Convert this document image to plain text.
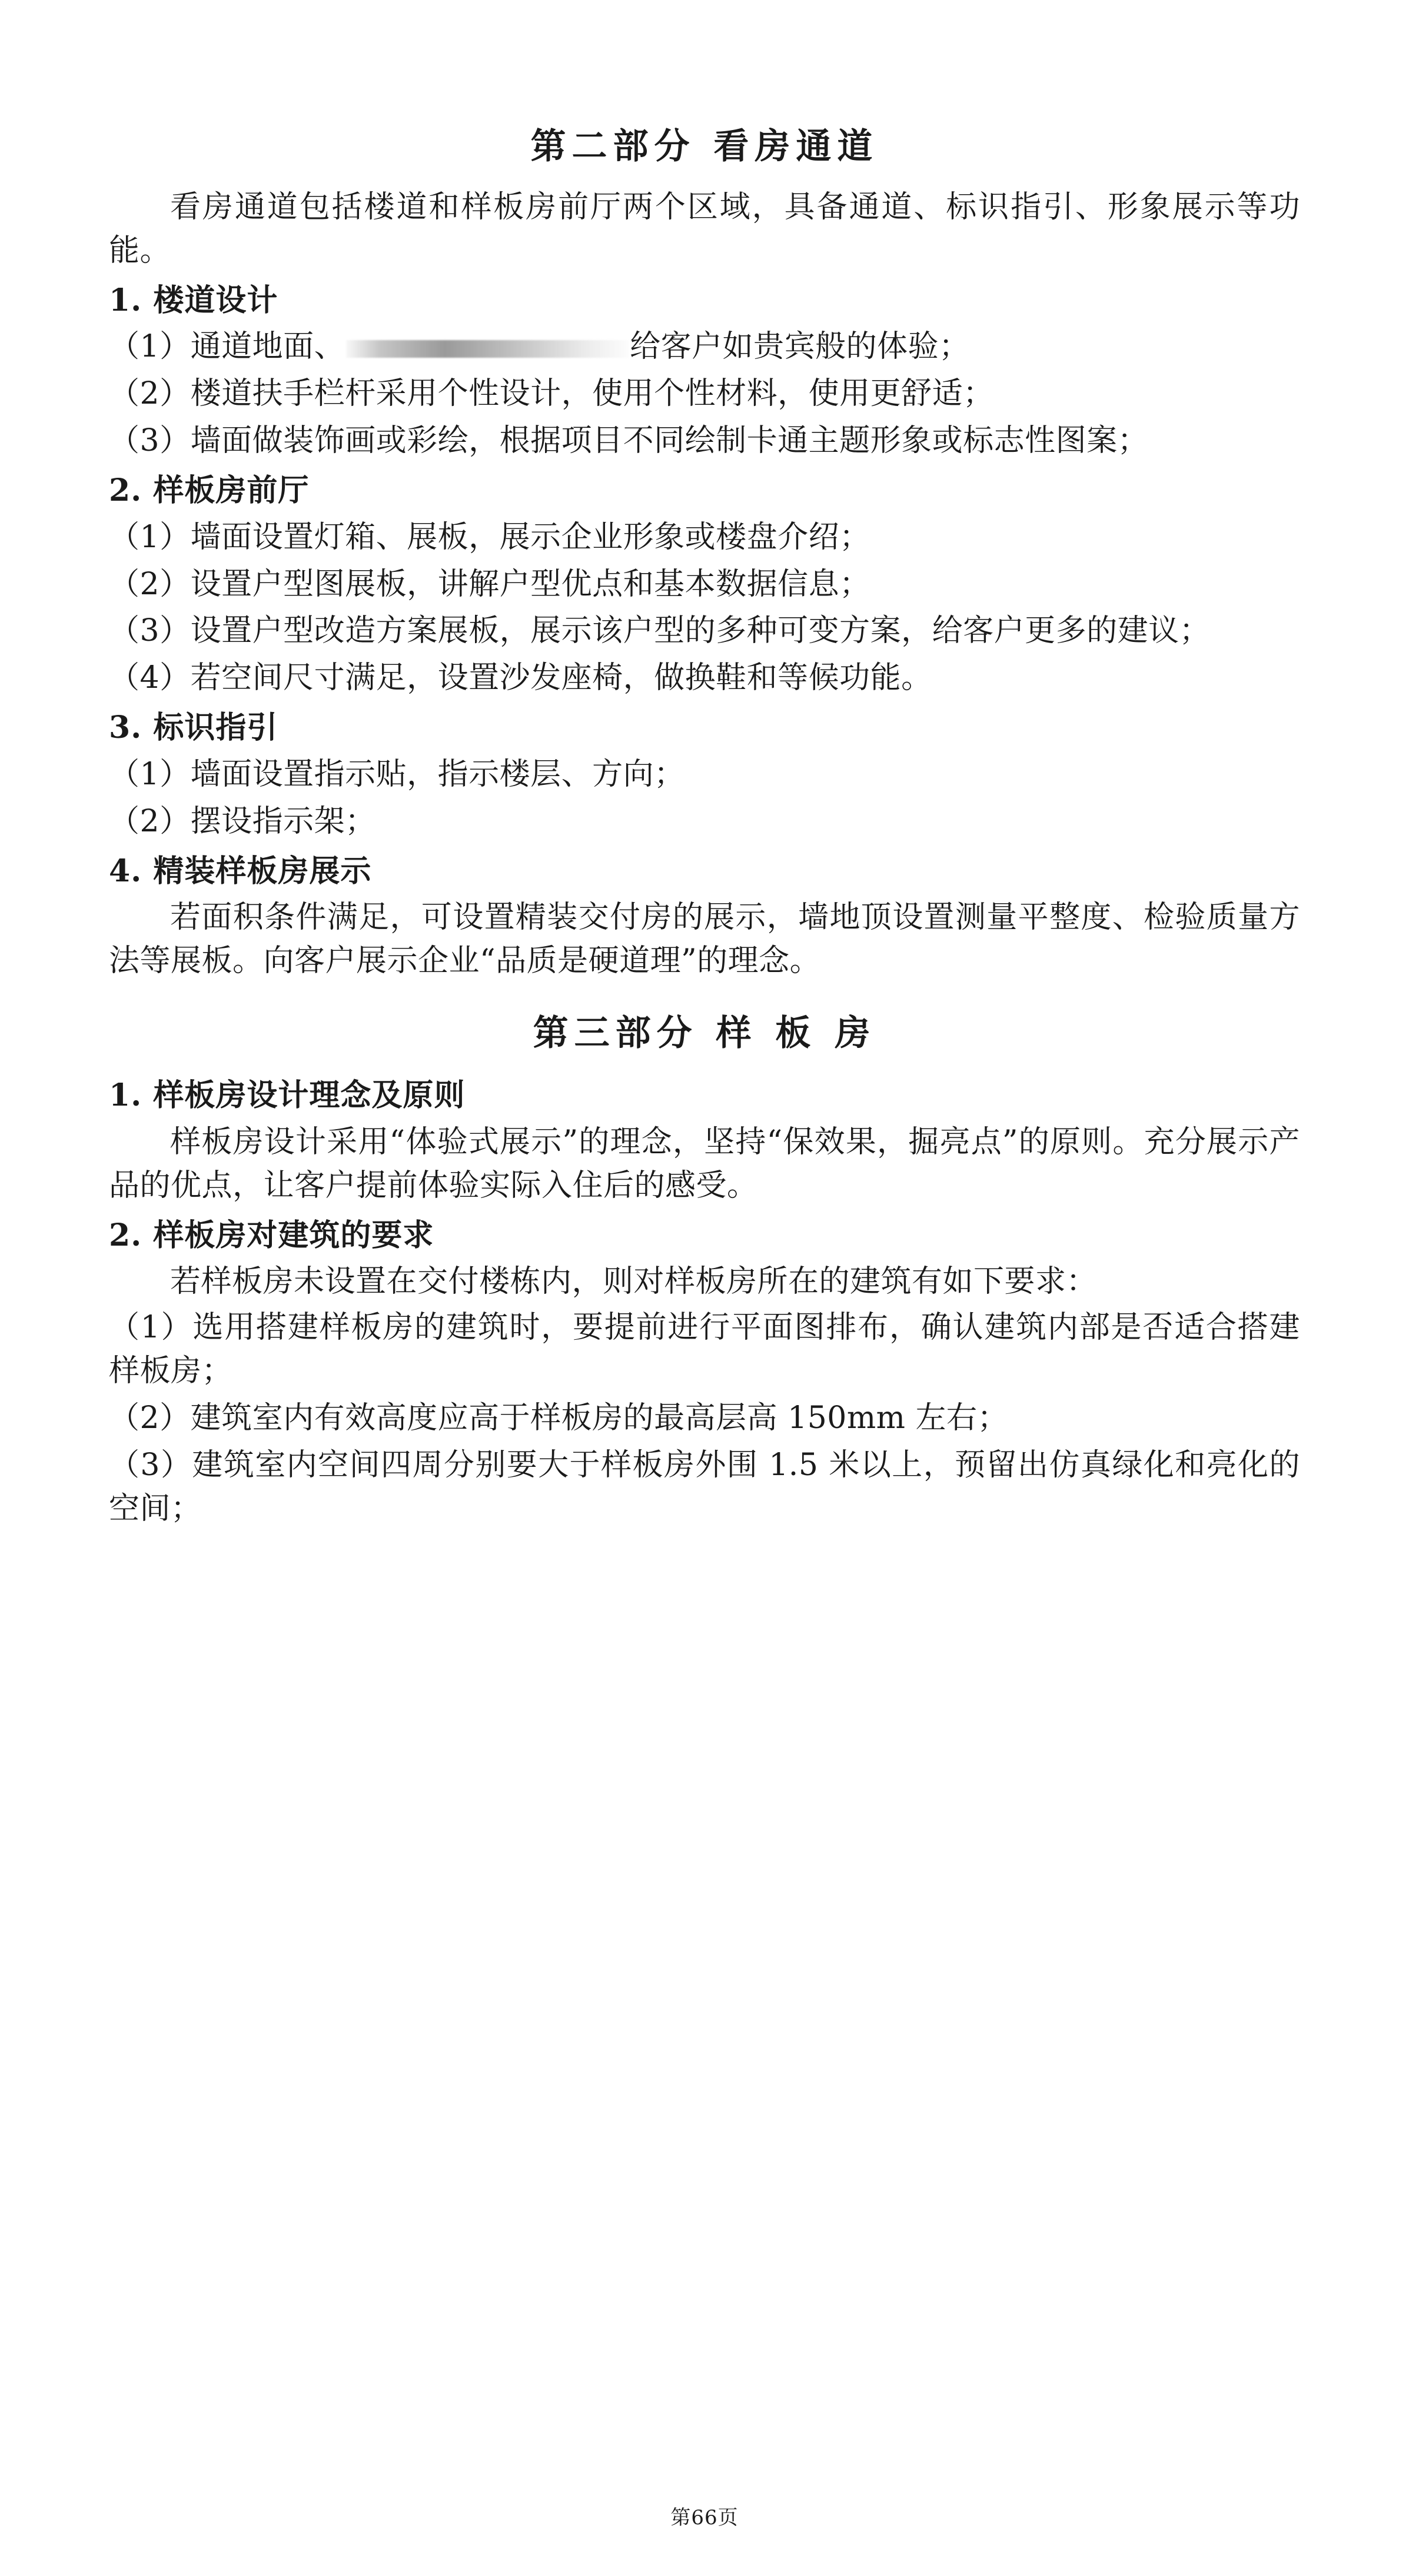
第二部分 看房通道

看房通道包括楼道和样板房前厅两个区域，具备通道、标识指引、形象展示等功能。

1. 楼道设计

（1）通道地面、	给客户如贵宾般的体验；

（2）楼道扶手栏杆采用个性设计，使用个性材料，使用更舒适；

（3）墙面做装饰画或彩绘，根据项目不同绘制卡通主题形象或标志性图案；

2. 样板房前厅

（1）墙面设置灯箱、展板，展示企业形象或楼盘介绍；

（2）设置户型图展板，讲解户型优点和基本数据信息；

（3）设置户型改造方案展板，展示该户型的多种可变方案，给客户更多的建议；

（4）若空间尺寸满足，设置沙发座椅，做换鞋和等候功能。

3. 标识指引

（1）墙面设置指示贴，指示楼层、方向；

（2）摆设指示架；

4. 精装样板房展示

若面积条件满足，可设置精装交付房的展示，墙地顶设置测量平整度、检验质量方法等展板。向客户展示企业“品质是硬道理”的理念。

第三部分 样 板 房

1. 样板房设计理念及原则

样板房设计采用“体验式展示”的理念，坚持“保效果，掘亮点”的原则。充分展示产品的优点，让客户提前体验实际入住后的感受。

2. 样板房对建筑的要求

若样板房未设置在交付楼栋内，则对样板房所在的建筑有如下要求：

（1）选用搭建样板房的建筑时，要提前进行平面图排布，确认建筑内部是否适合搭建样板房；

（2）建筑室内有效高度应高于样板房的最高层高 150mm 左右；

（3）建筑室内空间四周分别要大于样板房外围 1.5 米以上，预留出仿真绿化和亮化的空间；

第66页
